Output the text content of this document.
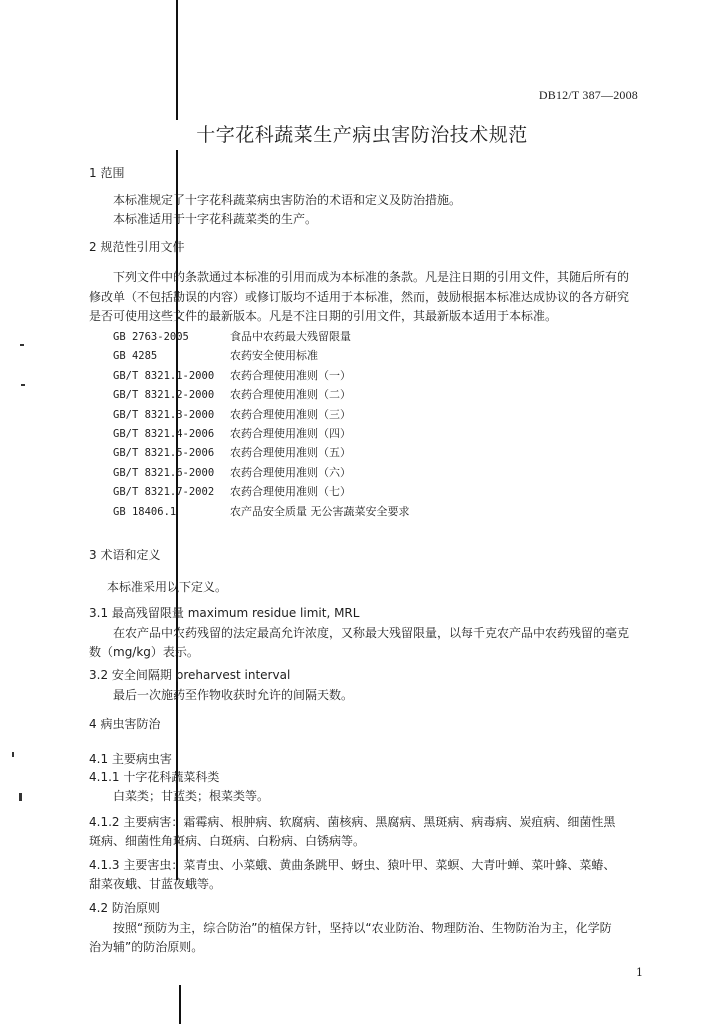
DB12/T 387—2008
十字花科蔬菜生产病虫害防治技术规范
1 范围
本标准规定了十字花科蔬菜病虫害防治的术语和定义及防治措施。
本标准适用于十字花科蔬菜类的生产。
2 规范性引用文件
下列文件中的条款通过本标准的引用而成为本标准的条款。凡是注日期的引用文件，其随后所有的
修改单（不包括勘误的内容）或修订版均不适用于本标准，然而，鼓励根据本标准达成协议的各方研究
是否可使用这些文件的最新版本。凡是不注日期的引用文件，其最新版本适用于本标准。
GB 2763-2005	食品中农药最大残留限量
GB 4285	农药安全使用标准
GB/T 8321.1-2000 农药合理使用准则（一）
GB/T 8321.2-2000 农药合理使用准则（二）
GB/T 8321.3-2000 农药合理使用准则（三）
GB/T 8321.4-2006 农药合理使用准则（四）
GB/T 8321.5-2006 农药合理使用准则（五）
GB/T 8321.6-2000 农药合理使用准则（六）
GB/T 8321.7-2002 农药合理使用准则（七）
GB 18406.1	农产品安全质量 无公害蔬菜安全要求
3 术语和定义
本标准采用以下定义。
3.1 最高残留限量 maximum residue limit, MRL
在农产品中农药残留的法定最高允许浓度，又称最大残留限量，以每千克农产品中农药残留的毫克
数（mg/kg）表示。
3.2 安全间隔期 preharvest interval
最后一次施药至作物收获时允许的间隔天数。
4 病虫害防治
4.1 主要病虫害
4.1.1 十字花科蔬菜科类
白菜类；甘蓝类；根菜类等。
4.1.2 主要病害：霜霉病、根肿病、软腐病、菌核病、黑腐病、黑斑病、病毒病、炭疽病、细菌性黑
斑病、细菌性角斑病、白斑病、白粉病、白锈病等。
4.1.3 主要害虫：菜青虫、小菜蛾、黄曲条跳甲、蚜虫、猿叶甲、菜螟、大青叶蝉、菜叶蜂、菜蝽、
甜菜夜蛾、甘蓝夜蛾等。
4.2 防治原则
按照“预防为主，综合防治”的植保方针，坚持以“农业防治、物理防治、生物防治为主，化学防
治为辅”的防治原则。
1
